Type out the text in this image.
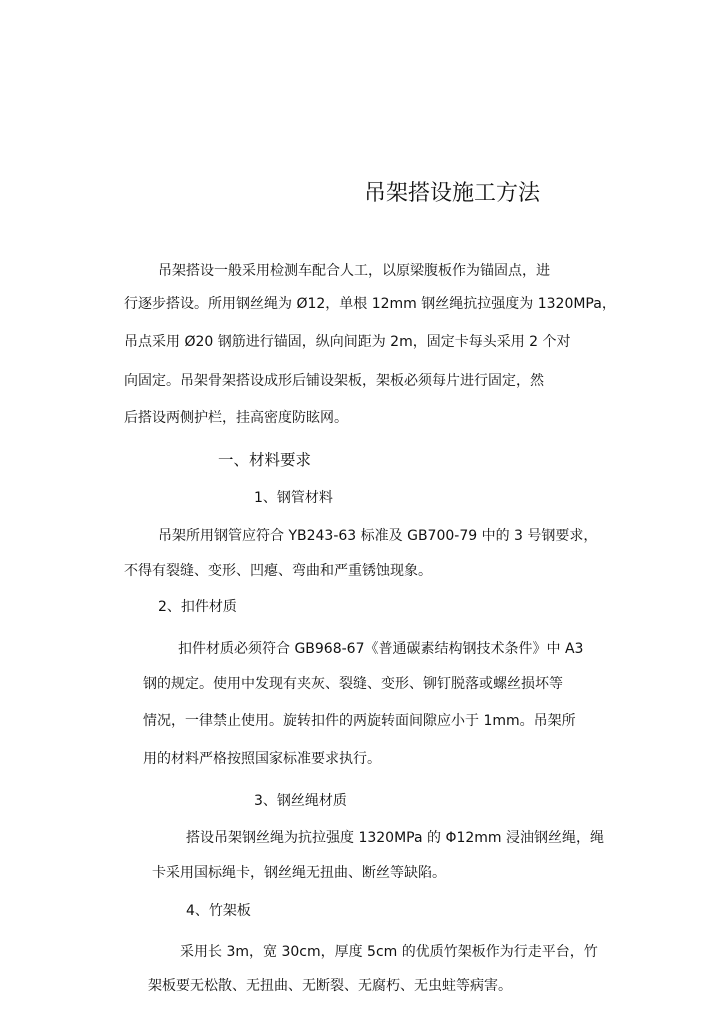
吊架搭设施工方法
吊架搭设一般采用检测车配合人工，以原梁腹板作为锚固点，进
行逐步搭设。所用钢丝绳为 Ø12，单根 12mm 钢丝绳抗拉强度为 1320MPa，
吊点采用 Ø20 钢筋进行锚固，纵向间距为 2m，固定卡每头采用 2 个对
向固定。吊架骨架搭设成形后铺设架板，架板必须每片进行固定，然
后搭设两侧护栏，挂高密度防眩网。
一、材料要求
1、钢管材料
吊架所用钢管应符合 YB243-63 标准及 GB700-79 中的 3 号钢要求，
不得有裂缝、变形、凹瘪、弯曲和严重锈蚀现象。
2、扣件材质
扣件材质必须符合 GB968-67《普通碳素结构钢技术条件》中 A3
钢的规定。使用中发现有夹灰、裂缝、变形、铆钉脱落或螺丝损坏等
情况，一律禁止使用。旋转扣件的两旋转面间隙应小于 1mm。吊架所
用的材料严格按照国家标准要求执行。
3、钢丝绳材质
搭设吊架钢丝绳为抗拉强度 1320MPa 的 Φ12mm 浸油钢丝绳，绳
卡采用国标绳卡，钢丝绳无扭曲、断丝等缺陷。
4、竹架板
采用长 3m，宽 30cm，厚度 5cm 的优质竹架板作为行走平台，竹
架板要无松散、无扭曲、无断裂、无腐朽、无虫蛀等病害。
